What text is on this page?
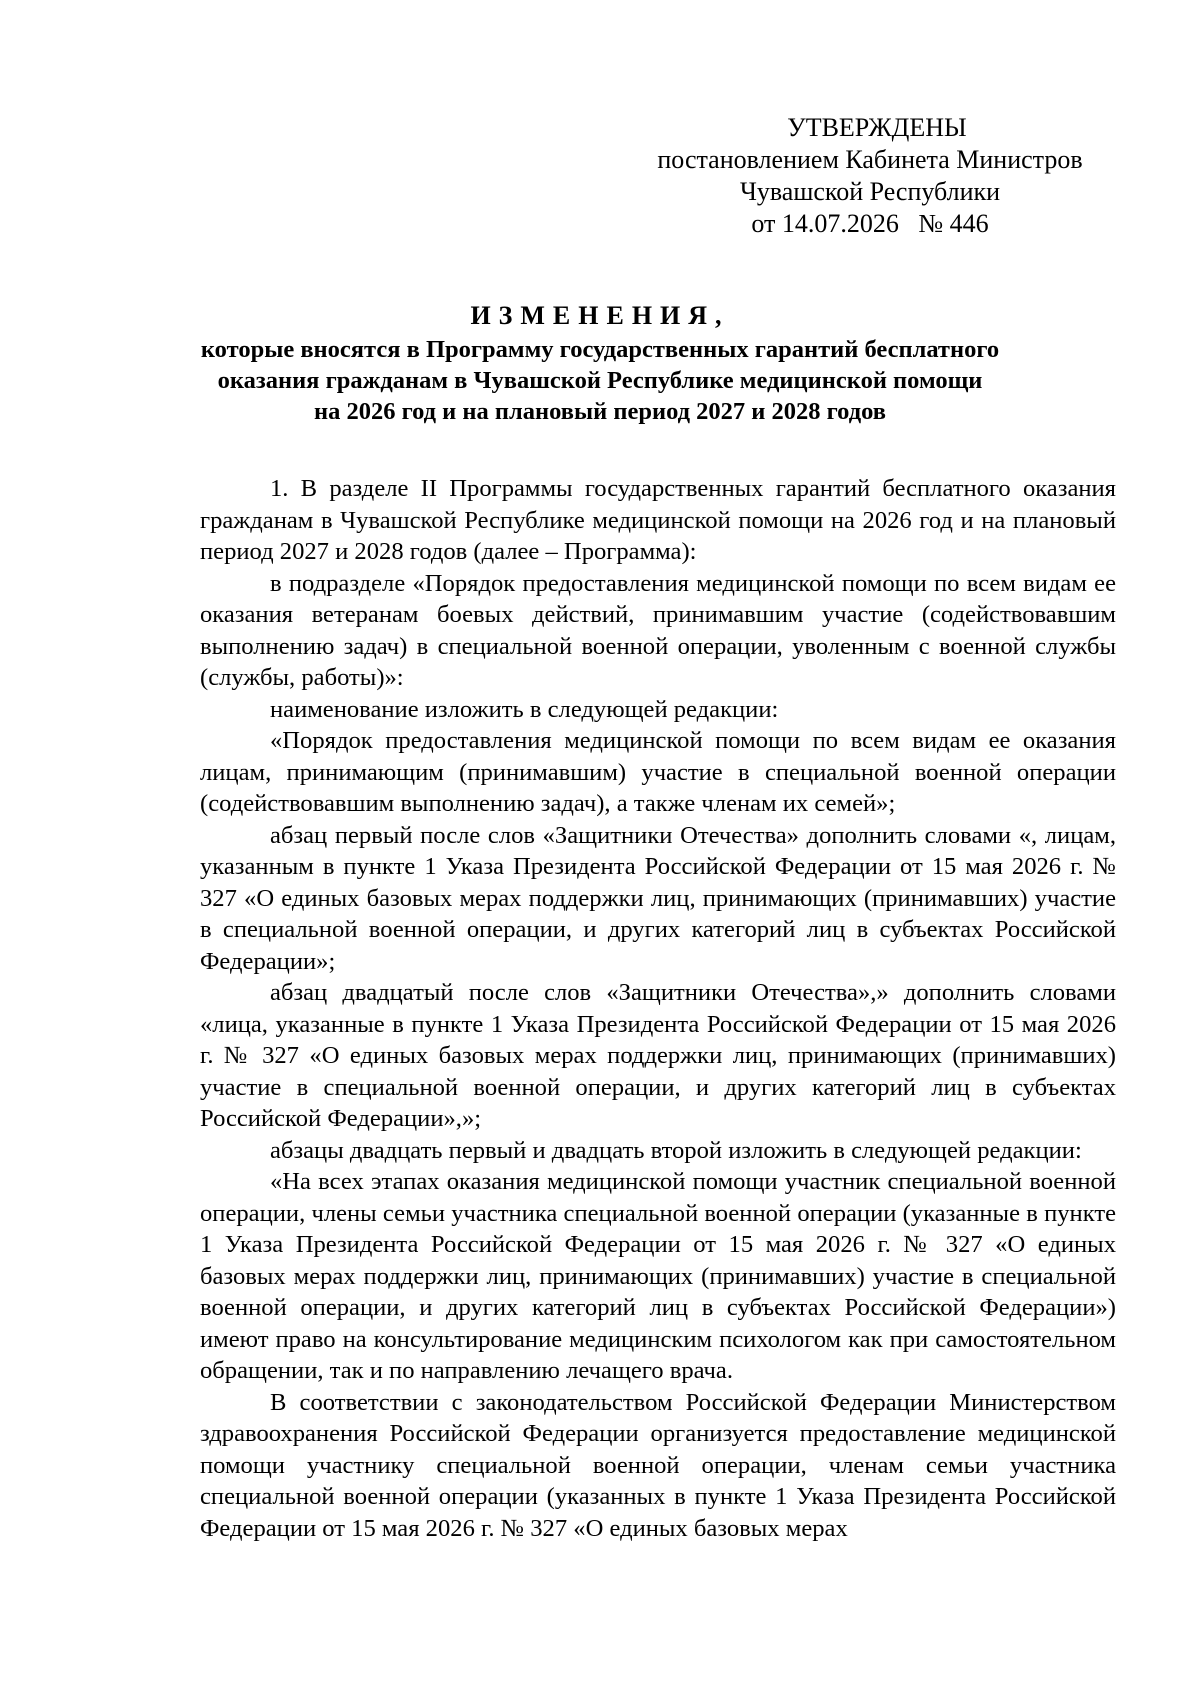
УТВЕРЖДЕНЫ
постановлением Кабинета Министров
Чувашской Республики
от 14.07.2026   № 446

ИЗМЕНЕНИЯ,

которые вносятся в Программу государственных гарантий бесплатного

оказания гражданам в Чувашской Республике медицинской помощи

на 2026 год и на плановый период 2027 и 2028 годов

1. В разделе II Программы государственных гарантий бесплатного оказания гражданам в Чувашской Республике медицинской помощи на 2026 год и на плановый период 2027 и 2028 годов (далее – Программа):

в подразделе «Порядок предоставления медицинской помощи по всем видам ее оказания ветеранам боевых действий, принимавшим участие (содействовавшим выполнению задач) в специальной военной операции, уволенным с военной службы (службы, работы)»:

наименование изложить в следующей редакции:

«Порядок предоставления медицинской помощи по всем видам ее оказания лицам, принимающим (принимавшим) участие в специальной военной операции (содействовавшим выполнению задач), а также членам их семей»;

абзац первый после слов «Защитники Отечества» дополнить словами «, лицам, указанным в пункте 1 Указа Президента Российской Федерации от 15 мая 2026 г. № 327 «О единых базовых мерах поддержки лиц, принимающих (принимавших) участие в специальной военной операции, и других категорий лиц в субъектах Российской Федерации»;

абзац двадцатый после слов «Защитники Отечества»,» дополнить словами «лица, указанные в пункте 1 Указа Президента Российской Федерации от 15 мая 2026 г. № 327 «О единых базовых мерах поддержки лиц, принимающих (принимавших) участие в специальной военной операции, и других категорий лиц в субъектах Российской Федерации»,»;

абзацы двадцать первый и двадцать второй изложить в следующей редакции:

«На всех этапах оказания медицинской помощи участник специальной военной операции, члены семьи участника специальной военной операции (указанные в пункте 1 Указа Президента Российской Федерации от 15 мая 2026 г. № 327 «О единых базовых мерах поддержки лиц, принимающих (принимавших) участие в специальной военной операции, и других категорий лиц в субъектах Российской Федерации») имеют право на консультирование медицинским психологом как при самостоятельном обращении, так и по направлению лечащего врача.

В соответствии с законодательством Российской Федерации Министерством здравоохранения Российской Федерации организуется предоставление медицинской помощи участнику специальной военной операции, членам семьи участника специальной военной операции (указанных в пункте 1 Указа Президента Российской Федерации от 15 мая 2026 г. № 327 «О единых базовых мерах
